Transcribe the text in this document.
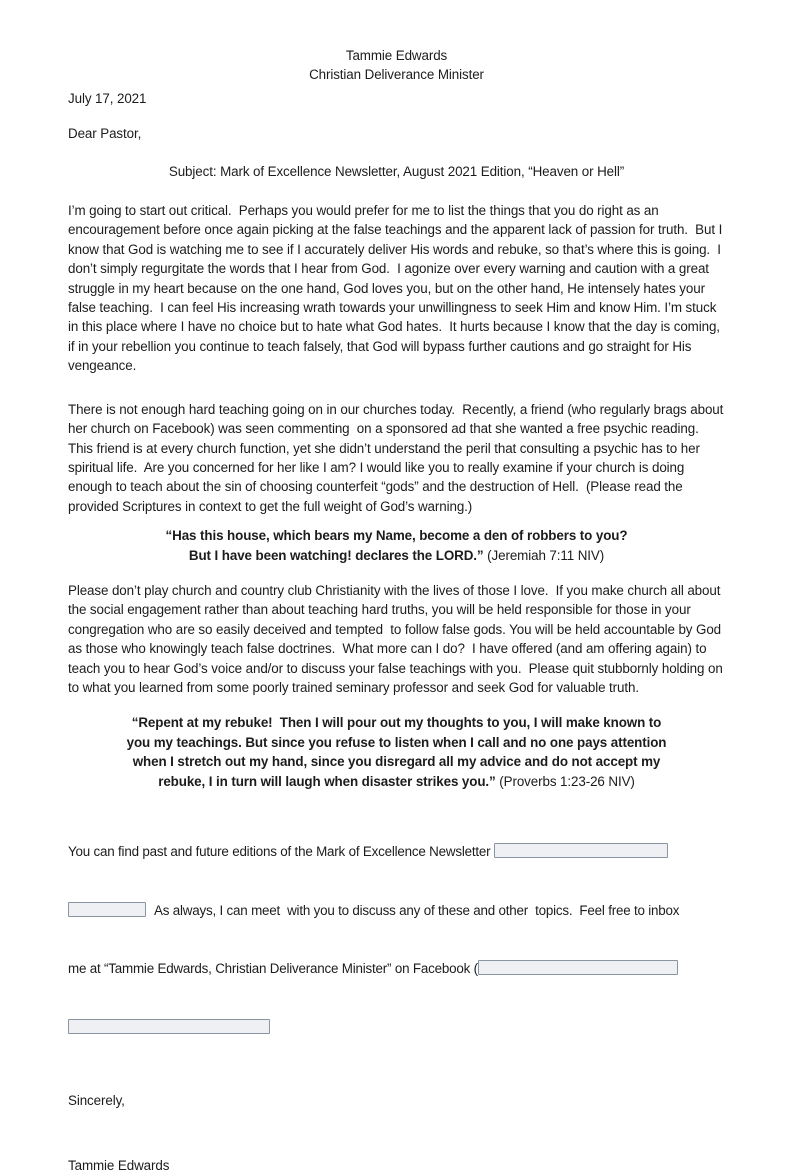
Tammie Edwards
Christian Deliverance Minister
July 17, 2021
Dear Pastor,
Subject: Mark of Excellence Newsletter, August 2021 Edition, “Heaven or Hell”

I’m going to start out critical.  Perhaps you would prefer for me to list the things that you do right as an encouragement before once again picking at the false teachings and the apparent lack of passion for truth.  But I know that God is watching me to see if I accurately deliver His words and rebuke, so that’s where this is going.  I don’t simply regurgitate the words that I hear from God.  I agonize over every warning and caution with a great struggle in my heart because on the one hand, God loves you, but on the other hand, He intensely hates your false teaching.  I can feel His increasing wrath towards your unwillingness to seek Him and know Him. I’m stuck in this place where I have no choice but to hate what God hates.  It hurts because I know that the day is coming, if in your rebellion you continue to teach falsely, that God will bypass further cautions and go straight for His vengeance.

There is not enough hard teaching going on in our churches today.  Recently, a friend (who regularly brags about her church on Facebook) was seen commenting  on a sponsored ad that she wanted a free psychic reading. This friend is at every church function, yet she didn’t understand the peril that consulting a psychic has to her spiritual life.  Are you concerned for her like I am? I would like you to really examine if your church is doing enough to teach about the sin of choosing counterfeit “gods” and the destruction of Hell.  (Please read the provided Scriptures in context to get the full weight of God’s warning.)

“Has this house, which bears my Name, become a den of robbers to you?
But I have been watching! declares the LORD.” (Jeremiah 7:11 NIV)

Please don’t play church and country club Christianity with the lives of those I love.  If you make church all about the social engagement rather than about teaching hard truths, you will be held responsible for those in your congregation who are so easily deceived and tempted  to follow false gods. You will be held accountable by God as those who knowingly teach false doctrines.  What more can I do?  I have offered (and am offering again) to teach you to hear God’s voice and/or to discuss your false teachings with you.  Please quit stubbornly holding on to what you learned from some poorly trained seminary professor and seek God for valuable truth.

“Repent at my rebuke!  Then I will pour out my thoughts to you, I will make known to
you my teachings. But since you refuse to listen when I call and no one pays attention
when I stretch out my hand, since you disregard all my advice and do not accept my
rebuke, I in turn will laugh when disaster strikes you.” (Proverbs 1:23-26 NIV)

You can find past and future editions of the Mark of Excellence Newsletter

As always, I can meet  with you to discuss any of these and other  topics.  Feel free to inbox

me at “Tammie Edwards, Christian Deliverance Minister” on Facebook (

Sincerely,
Tammie Edwards
